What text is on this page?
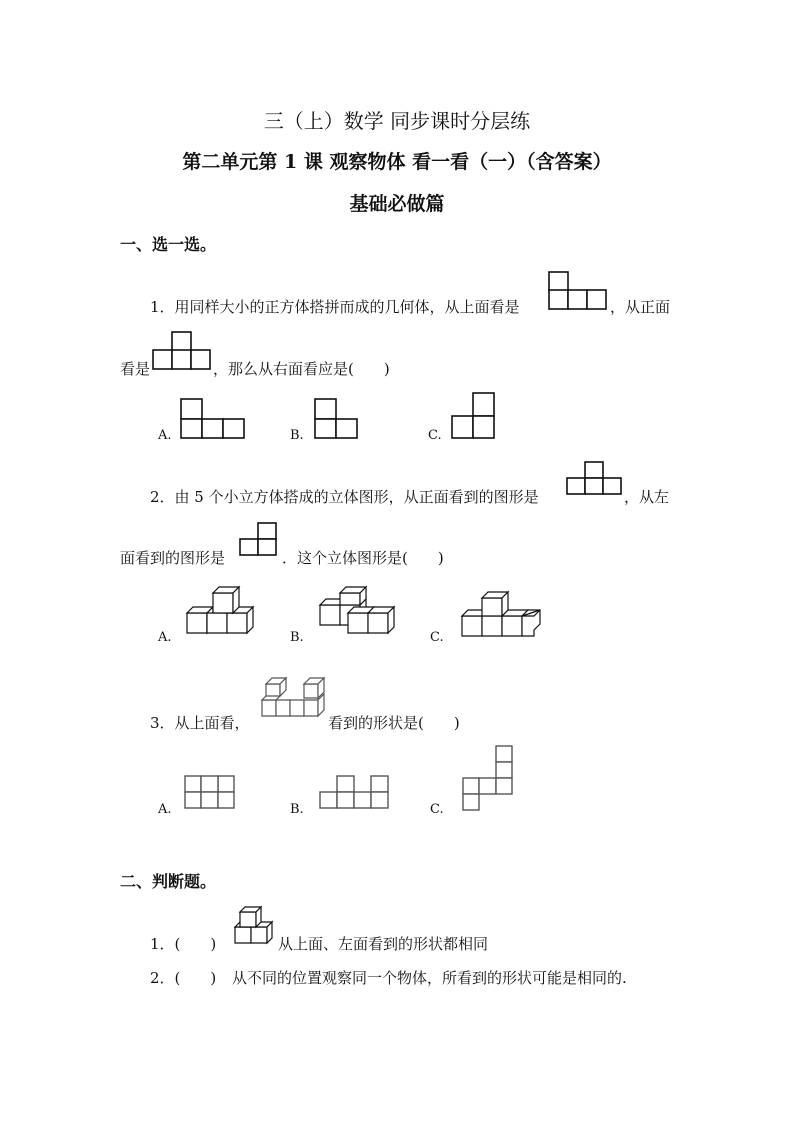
三（上）数学 同步课时分层练
第二单元第 1 课 观察物体 看一看（一）（含答案）
基础必做篇
一、选一选。
1．用同样大小的正方体搭拼而成的几何体，从上面看是	，从正面
看是	，那么从右面看应是(　　)
A.	B.	C.
2．由 5 个小立方体搭成的立体图形，从正面看到的图形是	，从左
面看到的图形是	．这个立体图形是(　　)
A.	B.	C.
3．从上面看，	看到的形状是(　　)
A.	B.	C.
二、判断题。
1．(　　)	从上面、左面看到的形状都相同
2．(　　) 从不同的位置观察同一个物体，所看到的形状可能是相同的.
